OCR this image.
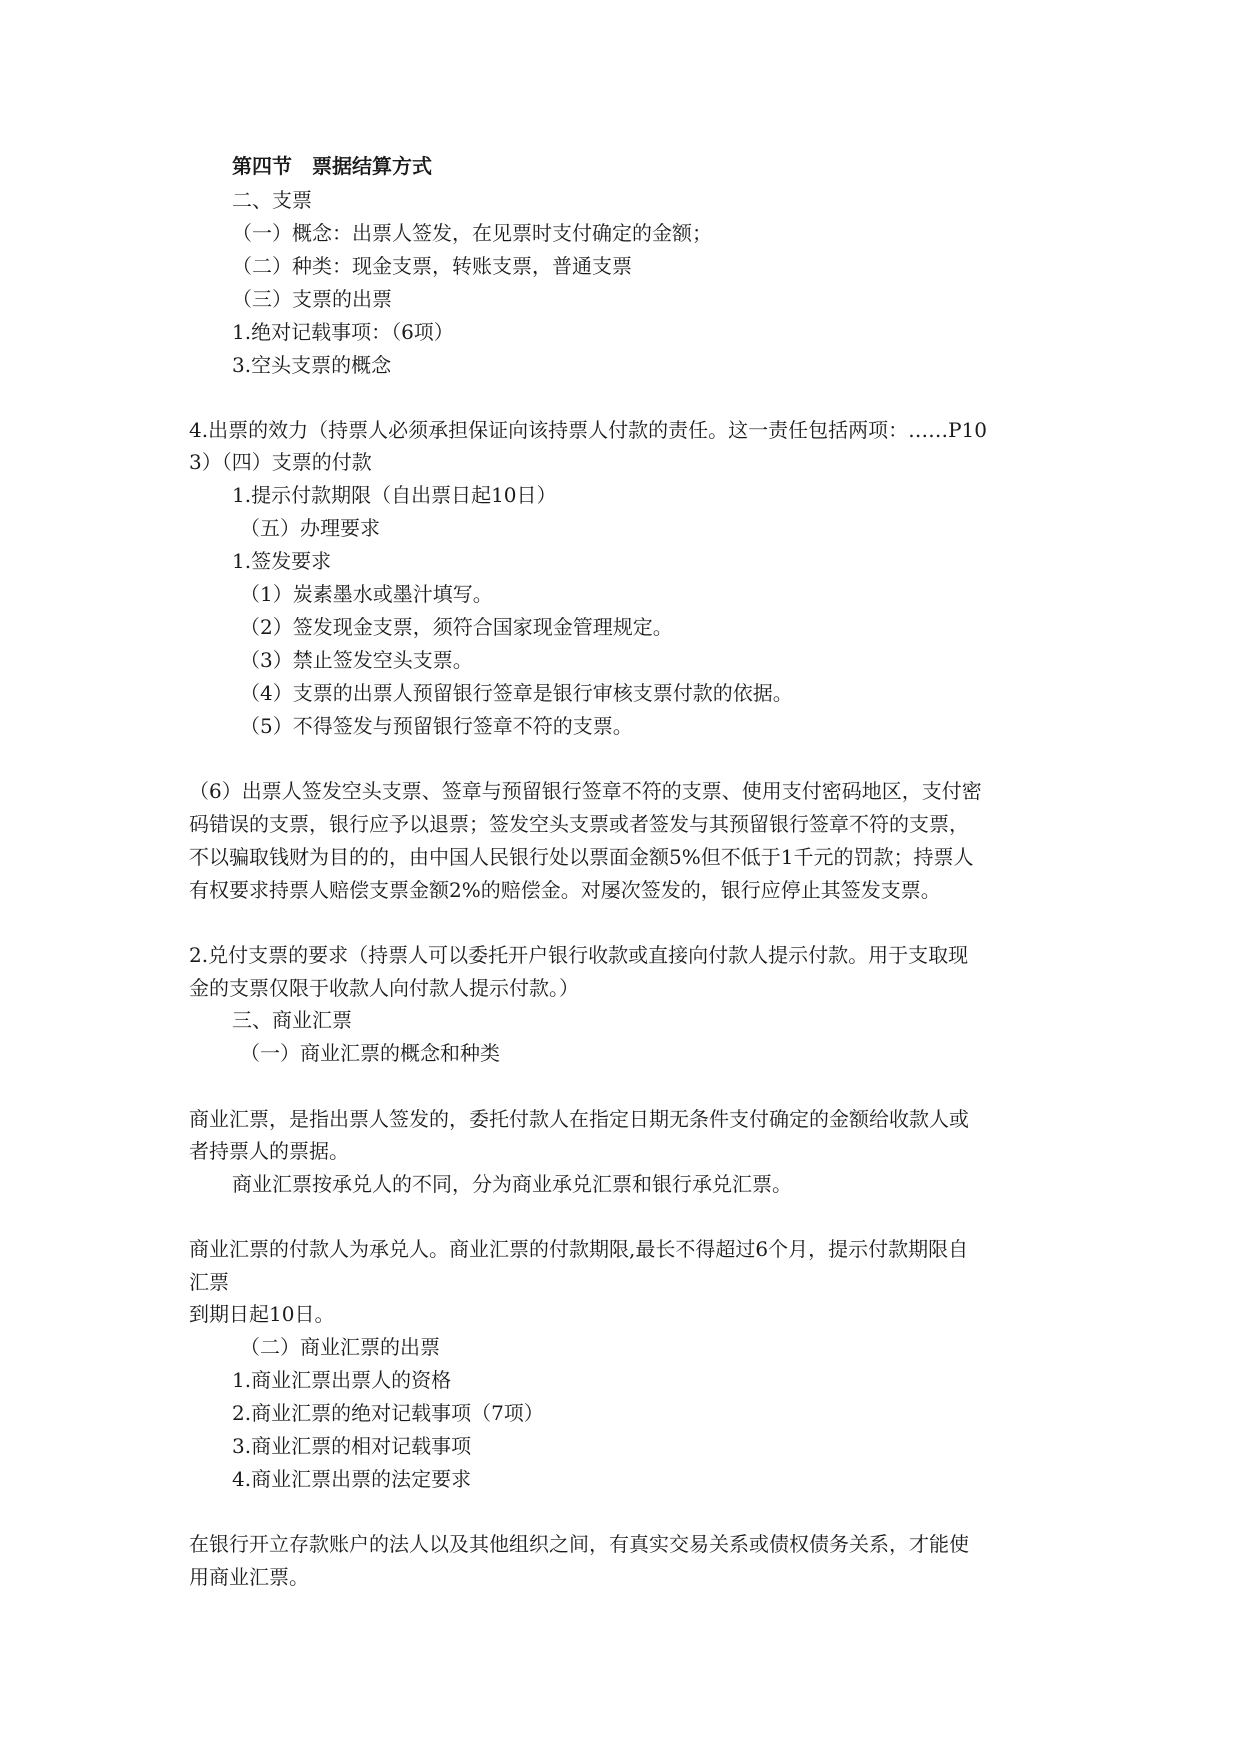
第四节　票据结算方式
二、支票
（一）概念：出票人签发，在见票时支付确定的金额；
（二）种类：现金支票，转账支票，普通支票
（三）支票的出票
1.绝对记载事项：（6项）
3.空头支票的概念
4.出票的效力（持票人必须承担保证向该持票人付款的责任。这一责任包括两项：……P10
3）（四）支票的付款
1.提示付款期限（自出票日起10日）
（五）办理要求
1.签发要求
（1）炭素墨水或墨汁填写。
（2）签发现金支票，须符合国家现金管理规定。
（3）禁止签发空头支票。
（4）支票的出票人预留银行签章是银行审核支票付款的依据。
（5）不得签发与预留银行签章不符的支票。
（6）出票人签发空头支票、签章与预留银行签章不符的支票、使用支付密码地区，支付密
码错误的支票，银行应予以退票；签发空头支票或者签发与其预留银行签章不符的支票，
不以骗取钱财为目的的，由中国人民银行处以票面金额5%但不低于1千元的罚款；持票人
有权要求持票人赔偿支票金额2%的赔偿金。对屡次签发的，银行应停止其签发支票。
2.兑付支票的要求（持票人可以委托开户银行收款或直接向付款人提示付款。用于支取现
金的支票仅限于收款人向付款人提示付款。）
三、商业汇票
（一）商业汇票的概念和种类
商业汇票，是指出票人签发的，委托付款人在指定日期无条件支付确定的金额给收款人或
者持票人的票据。
商业汇票按承兑人的不同，分为商业承兑汇票和银行承兑汇票。
商业汇票的付款人为承兑人。商业汇票的付款期限,最长不得超过6个月，提示付款期限自
汇票
到期日起10日。
（二）商业汇票的出票
1.商业汇票出票人的资格
2.商业汇票的绝对记载事项（7项）
3.商业汇票的相对记载事项
4.商业汇票出票的法定要求
在银行开立存款账户的法人以及其他组织之间，有真实交易关系或债权债务关系，才能使
用商业汇票。
